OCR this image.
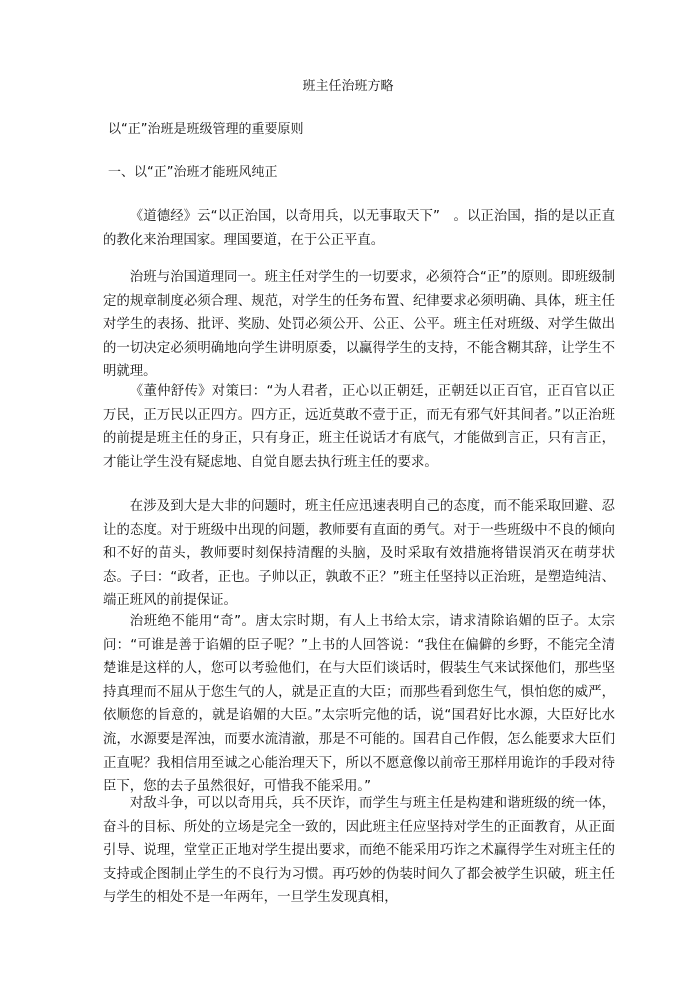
班主任治班方略
以“正”治班是班级管理的重要原则
一、以“正”治班才能班风纯正

《道德经》云“以正治国，以奇用兵，以无事取天下”　。以正治国，指的是以正直的教化来治理国家。理国要道，在于公正平直。

治班与治国道理同一。班主任对学生的一切要求，必须符合“正”的原则。即班级制定的规章制度必须合理、规范，对学生的任务布置、纪律要求必须明确、具体，班主任对学生的表扬、批评、奖励、处罚必须公开、公正、公平。班主任对班级、对学生做出的一切决定必须明确地向学生讲明原委，以赢得学生的支持，不能含糊其辞，让学生不明就理。

《董仲舒传》对策曰：“为人君者，正心以正朝廷，正朝廷以正百官，正百官以正万民，正万民以正四方。四方正，远近莫敢不壹于正，而无有邪气奸其间者。”以正治班的前提是班主任的身正，只有身正，班主任说话才有底气，才能做到言正，只有言正，才能让学生没有疑虑地、自觉自愿去执行班主任的要求。

在涉及到大是大非的问题时，班主任应迅速表明自己的态度，而不能采取回避、忍让的态度。对于班级中出现的问题，教师要有直面的勇气。对于一些班级中不良的倾向和不好的苗头，教师要时刻保持清醒的头脑，及时采取有效措施将错误消灭在萌芽状态。子曰：“政者，正也。子帅以正，孰敢不正？”班主任坚持以正治班，是塑造纯洁、端正班风的前提保证。

治班绝不能用“奇”。唐太宗时期，有人上书给太宗，请求清除谄媚的臣子。太宗问：“可谁是善于谄媚的臣子呢？”上书的人回答说：“我住在偏僻的乡野，不能完全清楚谁是这样的人，您可以考验他们，在与大臣们谈话时，假装生气来试探他们，那些坚持真理而不屈从于您生气的人，就是正直的大臣；而那些看到您生气，惧怕您的威严，依顺您的旨意的，就是谄媚的大臣。”太宗听完他的话，说“国君好比水源，大臣好比水流，水源要是浑浊，而要水流清澈，那是不可能的。国君自己作假，怎么能要求大臣们正直呢？我相信用至诚之心能治理天下，所以不愿意像以前帝王那样用诡诈的手段对待臣下，您的去子虽然很好，可惜我不能采用。”

对敌斗争，可以以奇用兵，兵不厌诈，而学生与班主任是构建和谐班级的统一体，奋斗的目标、所处的立场是完全一致的，因此班主任应坚持对学生的正面教育，从正面引导、说理，堂堂正正地对学生提出要求，而绝不能采用巧诈之术赢得学生对班主任的支持或企图制止学生的不良行为习惯。再巧妙的伪装时间久了都会被学生识破，班主任与学生的相处不是一年两年，一旦学生发现真相，
